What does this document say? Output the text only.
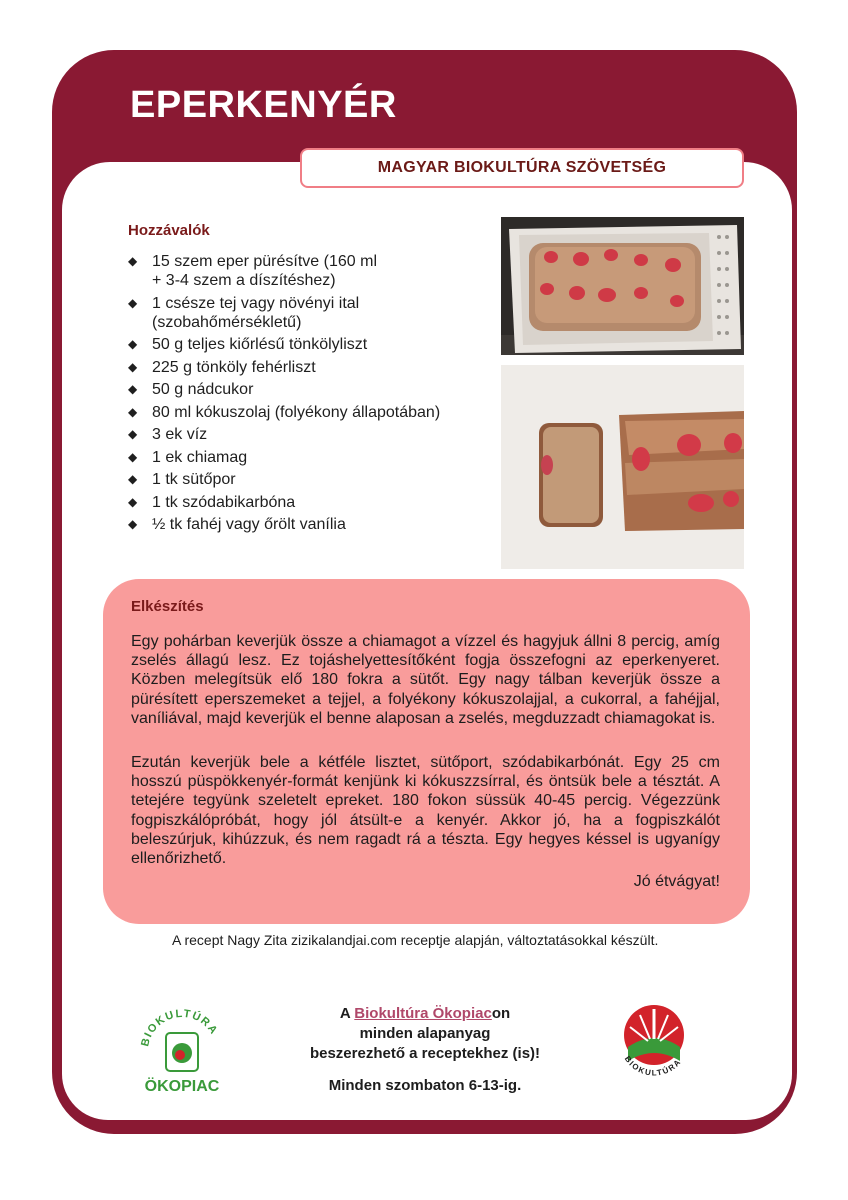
EPERKENYÉR
MAGYAR BIOKULTÚRA SZÖVETSÉG
Hozzávalók
◆ 15 szem eper pürésítve (160 ml
+ 3-4 szem a díszítéshez)
◆ 1 csésze tej vagy növényi ital
(szobahőmérsékletű)
◆ 50 g teljes kiőrlésű tönkölyliszt
◆ 225 g tönköly fehérliszt
◆ 50 g nádcukor
◆ 80 ml kókuszolaj (folyékony állapotában)
◆ 3 ek víz
◆ 1 ek chiamag
◆ 1 tk sütőpor
◆ 1 tk szódabikarbóna
◆ ½ tk fahéj vagy őrölt vanília
Elkészítés

Egy pohárban keverjük össze a chiamagot a vízzel és hagyjuk állni 8 percig, amíg zselés állagú lesz. Ez tojáshelyettesítőként fogja összefogni az eperkenyeret. Közben melegítsük elő 180 fokra a sütőt. Egy nagy tálban keverjük össze a pürésített eperszemeket a tejjel, a folyékony kókuszolajjal, a cukorral, a fahéjjal, vaníliával, majd keverjük el benne alaposan a zselés, megduzzadt chiamagokat is.

Ezután keverjük bele a kétféle lisztet, sütőport, szódabikarbónát. Egy 25 cm hosszú püspökkenyér-formát kenjünk ki kókuszzsírral, és öntsük bele a tésztát. A tetejére tegyünk szeletelt epreket. 180 fokon süssük 40-45 percig. Végezzünk fogpiszkálópróbát, hogy jól átsült-e a kenyér. Akkor jó, ha a fogpiszkálót beleszúrjuk, kihúzzuk, és nem ragadt rá a tészta. Egy hegyes késsel is ugyanígy ellenőrizhető.

Jó étvágyat!

A recept Nagy Zita zizikalandjai.com receptje alapján, változtatásokkal készült.

BIOKULTÚRA
ÖKOPIAC
A Biokultúra Ökopiacon
minden alapanyag
beszerezhető a receptekhez (is)!
Minden szombaton 6-13-ig.
BIOKULTÚRA
